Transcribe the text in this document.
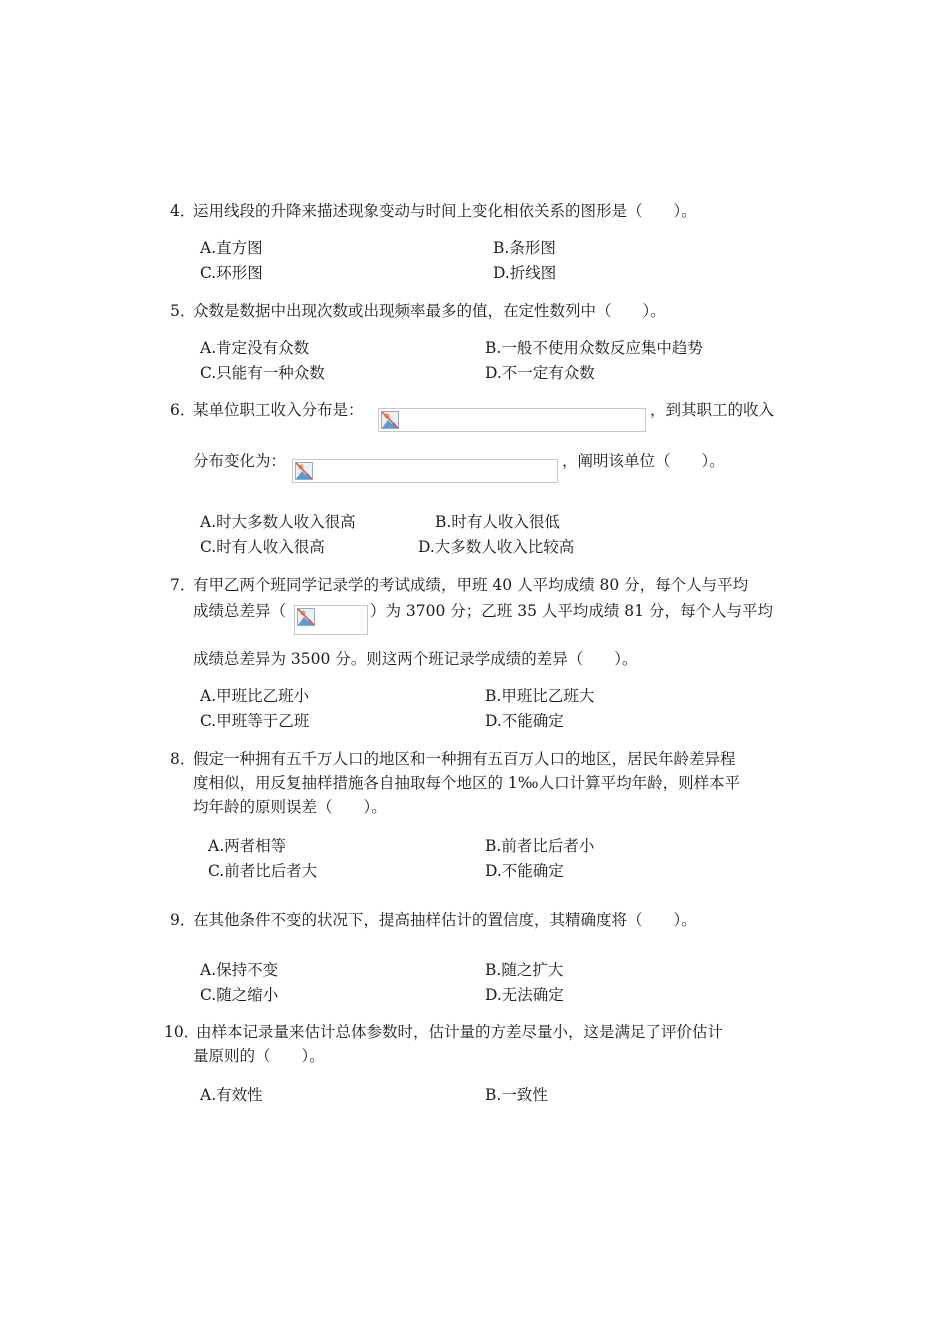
4．
运用线段的升降来描述现象变动与时间上变化相依关系的图形是（　　）。
A.直方图	B.条形图
C.环形图	D.折线图
5．
众数是数据中出现次数或出现频率最多的值，在定性数列中（　　）。
A.肯定没有众数	B.一般不使用众数反应集中趋势
C.只能有一种众数	D.不一定有众数
6．
某单位职工收入分布是：	，到其职工的收入
分布变化为：	，阐明该单位（　　）。
A.时大多数人收入很高	B.时有人收入很低
C.时有人收入很高	D.大多数人收入比较高
7．
有甲乙两个班同学记录学的考试成绩，甲班 40 人平均成绩 80 分，每个人与平均
成绩总差异（	）为 3700 分；乙班 35 人平均成绩 81 分，每个人与平均
成绩总差异为 3500 分。则这两个班记录学成绩的差异（　　）。
A.甲班比乙班小	B.甲班比乙班大
C.甲班等于乙班	D.不能确定
8．
假定一种拥有五千万人口的地区和一种拥有五百万人口的地区，居民年龄差异程
度相似，用反复抽样措施各自抽取每个地区的 1‰人口计算平均年龄，则样本平
均年龄的原则误差（　　）。
A.两者相等	B.前者比后者小
C.前者比后者大	D.不能确定
9．
在其他条件不变的状况下，提高抽样估计的置信度，其精确度将（　　）。
A.保持不变	B.随之扩大
C.随之缩小	D.无法确定
10．
由样本记录量来估计总体参数时，估计量的方差尽量小，这是满足了评价估计
量原则的（　　）。
A.有效性	B.一致性
